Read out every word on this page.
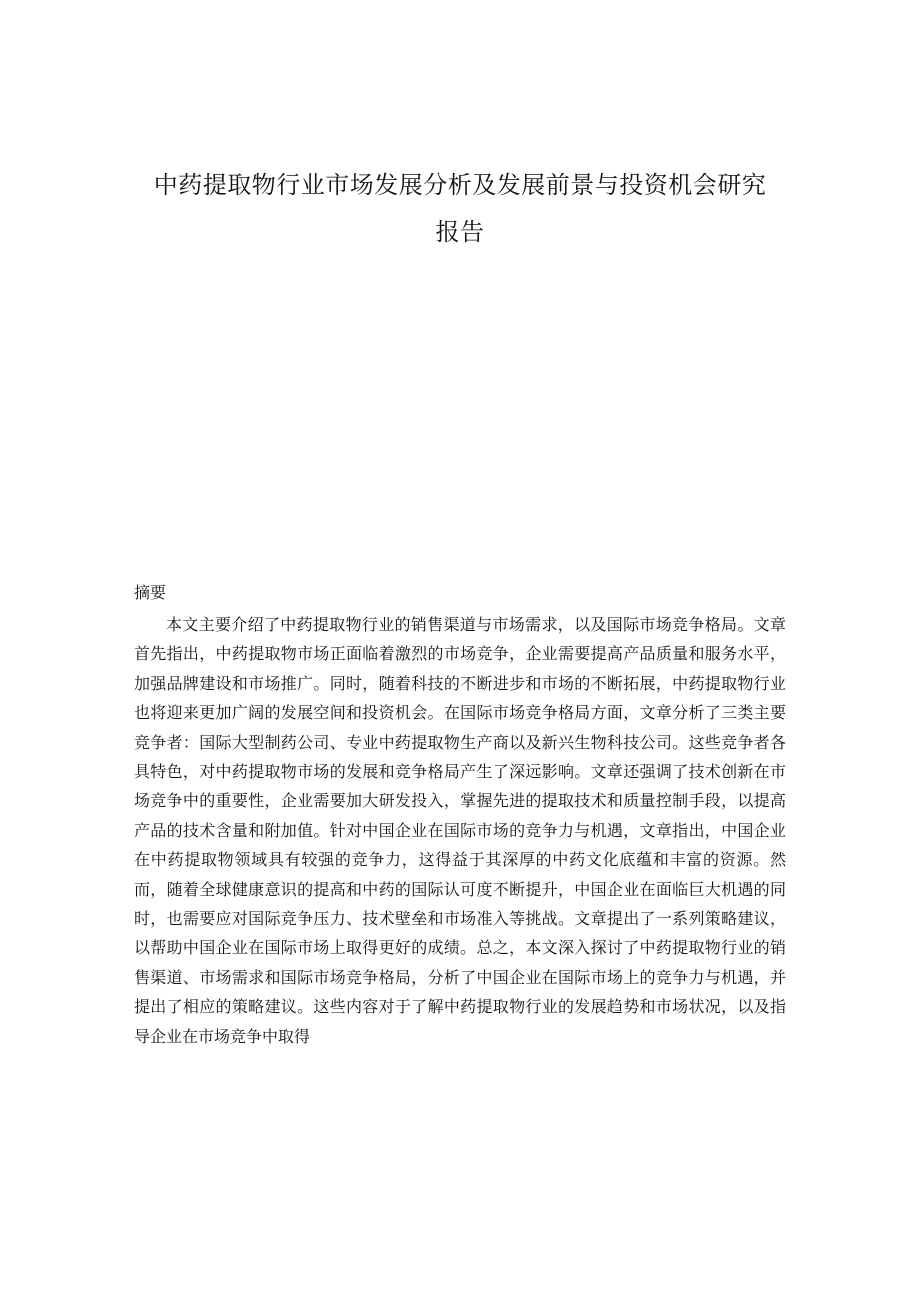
中药提取物行业市场发展分析及发展前景与投资机会研究报告
摘要

本文主要介绍了中药提取物行业的销售渠道与市场需求，以及国际市场竞争格局。文章首先指出，中药提取物市场正面临着激烈的市场竞争，企业需要提高产品质量和服务水平，加强品牌建设和市场推广。同时，随着科技的不断进步和市场的不断拓展，中药提取物行业也将迎来更加广阔的发展空间和投资机会。在国际市场竞争格局方面，文章分析了三类主要竞争者：国际大型制药公司、专业中药提取物生产商以及新兴生物科技公司。这些竞争者各具特色，对中药提取物市场的发展和竞争格局产生了深远影响。文章还强调了技术创新在市场竞争中的重要性，企业需要加大研发投入，掌握先进的提取技术和质量控制手段，以提高产品的技术含量和附加值。针对中国企业在国际市场的竞争力与机遇，文章指出，中国企业在中药提取物领域具有较强的竞争力，这得益于其深厚的中药文化底蕴和丰富的资源。然而，随着全球健康意识的提高和中药的国际认可度不断提升，中国企业在面临巨大机遇的同时，也需要应对国际竞争压力、技术壁垒和市场准入等挑战。文章提出了一系列策略建议，以帮助中国企业在国际市场上取得更好的成绩。总之，本文深入探讨了中药提取物行业的销售渠道、市场需求和国际市场竞争格局，分析了中国企业在国际市场上的竞争力与机遇，并提出了相应的策略建议。这些内容对于了解中药提取物行业的发展趋势和市场状况，以及指导企业在市场竞争中取得
